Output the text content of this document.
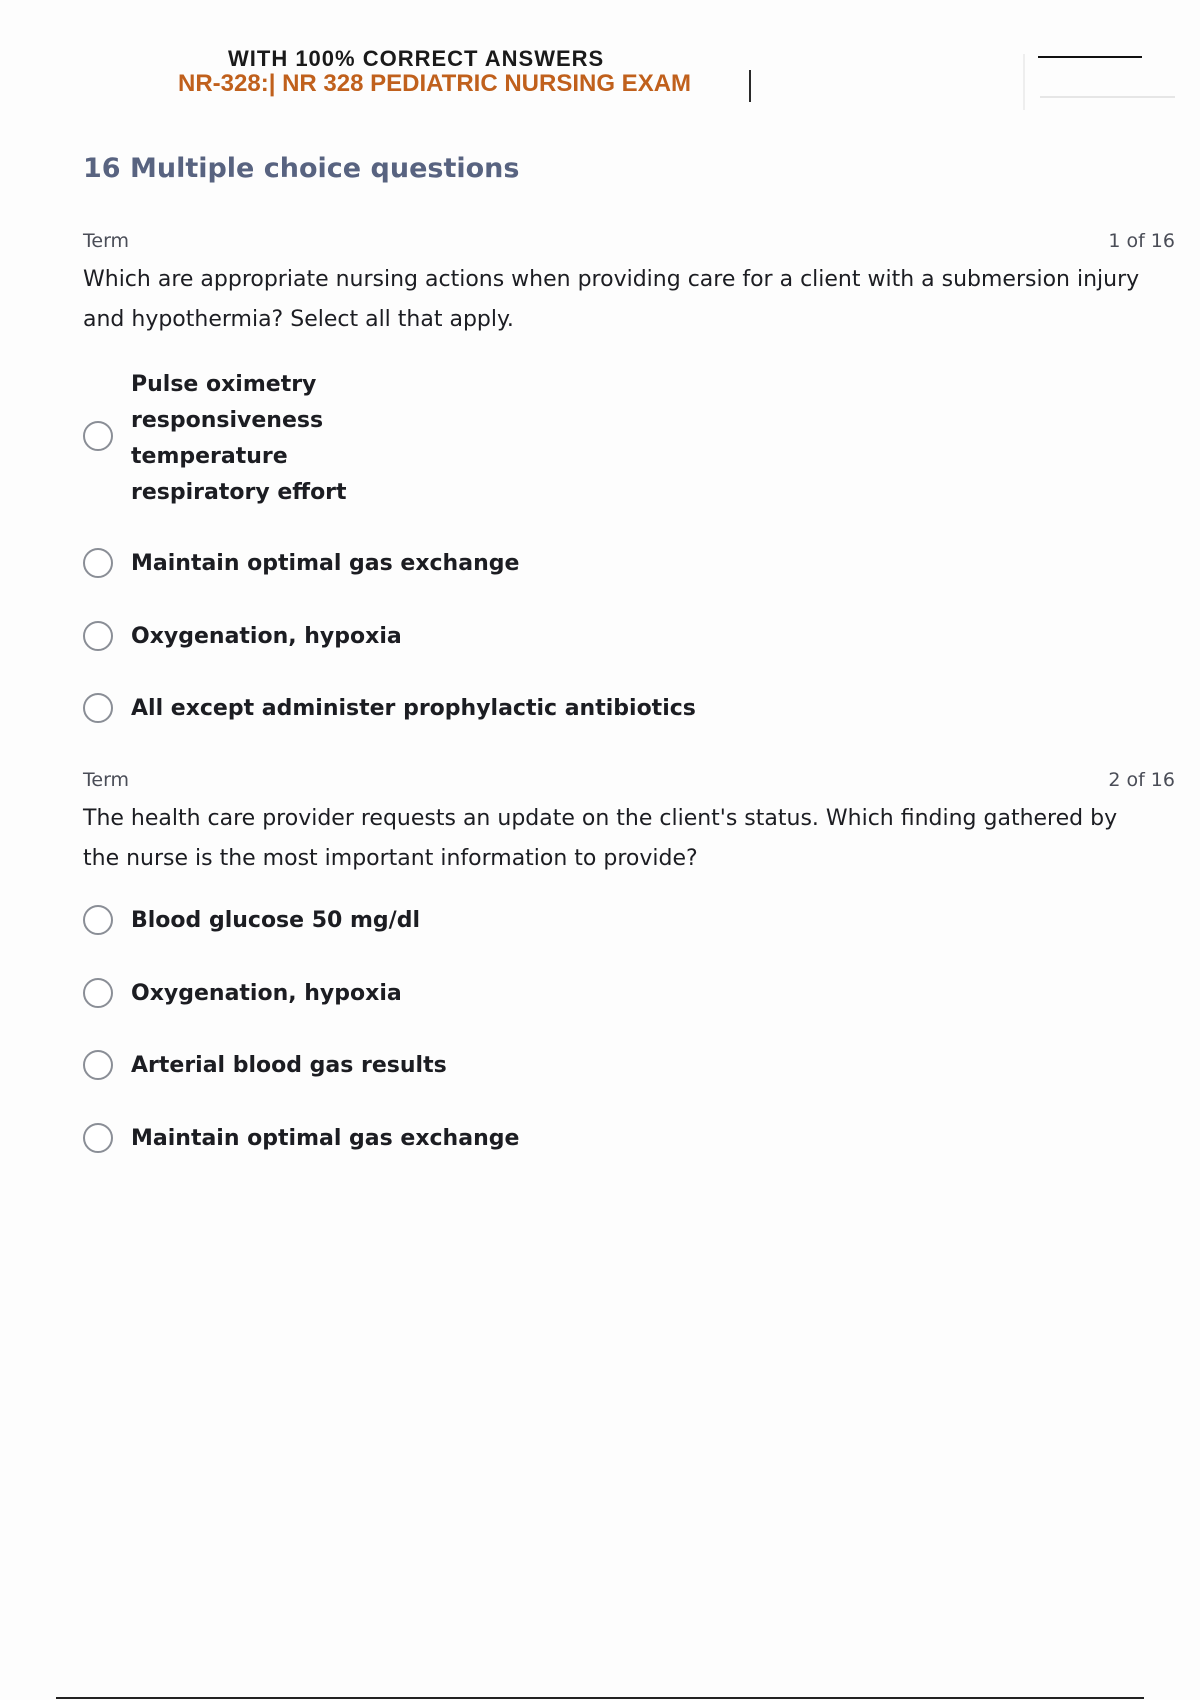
WITH 100% CORRECT ANSWERS
NR-328:| NR 328 PEDIATRIC NURSING EXAM
16 Multiple choice questions
Term	1 of 16

Which are appropriate nursing actions when providing care for a client with a submersion injury and hypothermia? Select all that apply.

Pulse oximetry
responsiveness
temperature
respiratory effort
Maintain optimal gas exchange
Oxygenation, hypoxia
All except administer prophylactic antibiotics
Term	2 of 16

The health care provider requests an update on the client's status. Which finding gathered by the nurse is the most important information to provide?

Blood glucose 50 mg/dl
Oxygenation, hypoxia
Arterial blood gas results
Maintain optimal gas exchange
